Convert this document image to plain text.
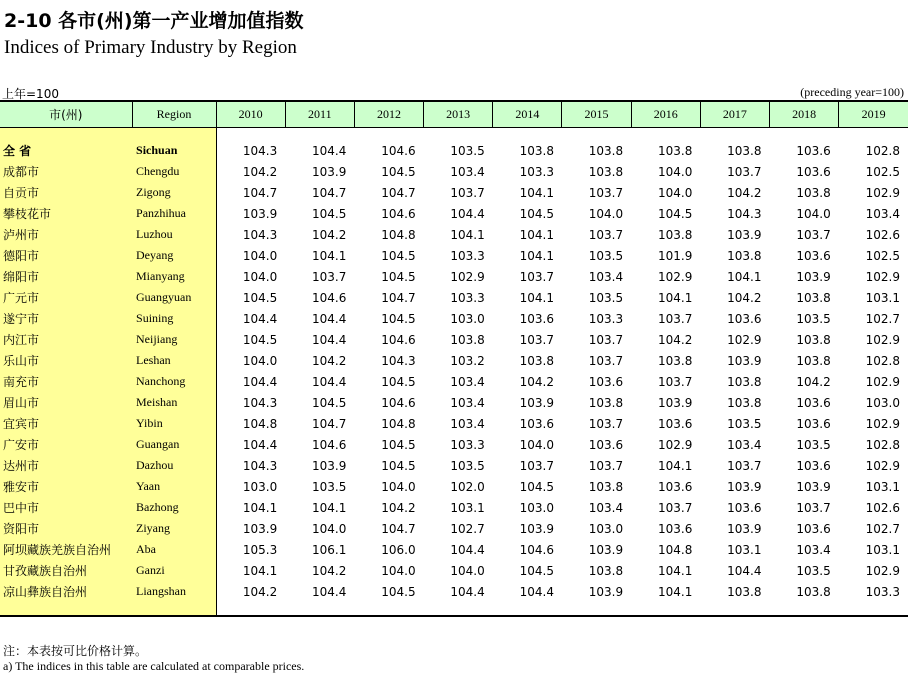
2-10 各市(州)第一产业增加值指数
Indices of Primary Industry by Region
上年=100	(preceding year=100)
市(州)	Region	2010	2011	2012	2013	2014	2015	2016	2017	2018	2019

全 省	Sichuan	104.3	104.4	104.6	103.5	103.8	103.8	103.8	103.8	103.6	102.8
成都市	Chengdu	104.2	103.9	104.5	103.4	103.3	103.8	104.0	103.7	103.6	102.5
自贡市	Zigong	104.7	104.7	104.7	103.7	104.1	103.7	104.0	104.2	103.8	102.9
攀枝花市	Panzhihua	103.9	104.5	104.6	104.4	104.5	104.0	104.5	104.3	104.0	103.4
泸州市	Luzhou	104.3	104.2	104.8	104.1	104.1	103.7	103.8	103.9	103.7	102.6
德阳市	Deyang	104.0	104.1	104.5	103.3	104.1	103.5	101.9	103.8	103.6	102.5
绵阳市	Mianyang	104.0	103.7	104.5	102.9	103.7	103.4	102.9	104.1	103.9	102.9
广元市	Guangyuan	104.5	104.6	104.7	103.3	104.1	103.5	104.1	104.2	103.8	103.1
遂宁市	Suining	104.4	104.4	104.5	103.0	103.6	103.3	103.7	103.6	103.5	102.7
内江市	Neijiang	104.5	104.4	104.6	103.8	103.7	103.7	104.2	102.9	103.8	102.9
乐山市	Leshan	104.0	104.2	104.3	103.2	103.8	103.7	103.8	103.9	103.8	102.8
南充市	Nanchong	104.4	104.4	104.5	103.4	104.2	103.6	103.7	103.8	104.2	102.9
眉山市	Meishan	104.3	104.5	104.6	103.4	103.9	103.8	103.9	103.8	103.6	103.0
宜宾市	Yibin	104.8	104.7	104.8	103.4	103.6	103.7	103.6	103.5	103.6	102.9
广安市	Guangan	104.4	104.6	104.5	103.3	104.0	103.6	102.9	103.4	103.5	102.8
达州市	Dazhou	104.3	103.9	104.5	103.5	103.7	103.7	104.1	103.7	103.6	102.9
雅安市	Yaan	103.0	103.5	104.0	102.0	104.5	103.8	103.6	103.9	103.9	103.1
巴中市	Bazhong	104.1	104.1	104.2	103.1	103.0	103.4	103.7	103.6	103.7	102.6
资阳市	Ziyang	103.9	104.0	104.7	102.7	103.9	103.0	103.6	103.9	103.6	102.7
阿坝藏族羌族自治州	Aba	105.3	106.1	106.0	104.4	104.6	103.9	104.8	103.1	103.4	103.1
甘孜藏族自治州	Ganzi	104.1	104.2	104.0	104.0	104.5	103.8	104.1	104.4	103.5	102.9
凉山彝族自治州	Liangshan	104.2	104.4	104.5	104.4	104.4	103.9	104.1	103.8	103.8	103.3

注：本表按可比价格计算。
a) The indices in this table are calculated at comparable prices.
